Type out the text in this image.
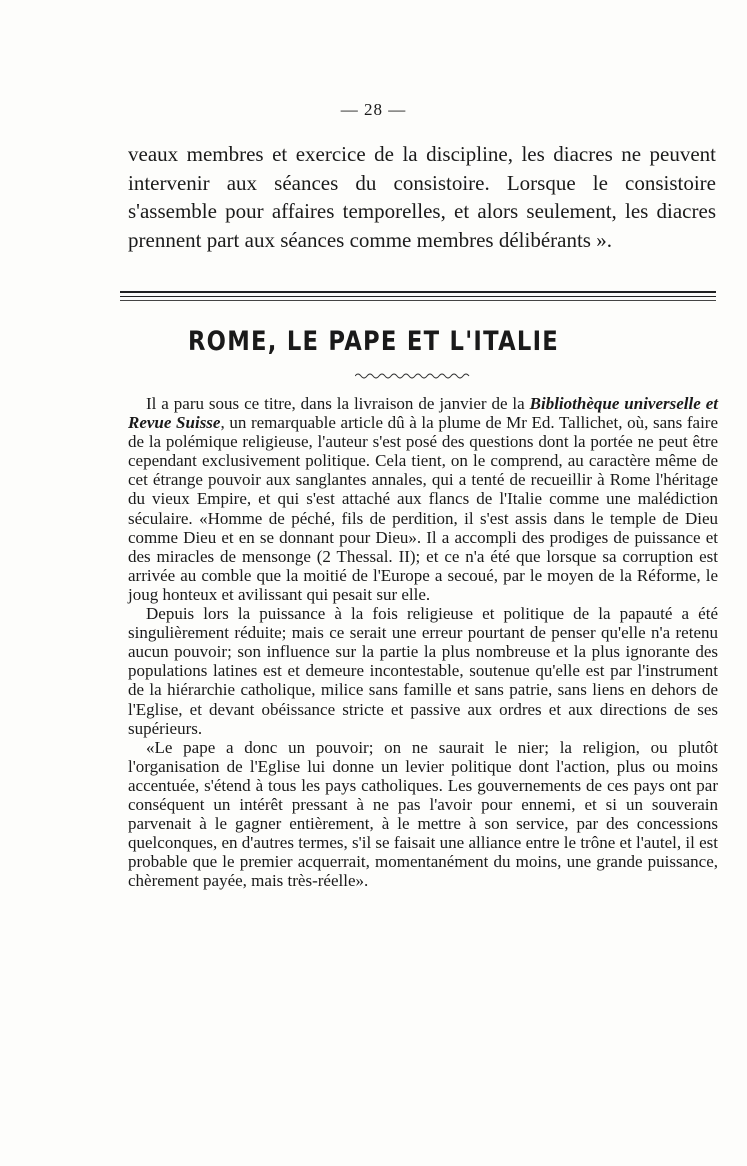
— 28 —

veaux membres et exercice de la discipline, les diacres ne peuvent intervenir aux séances du consistoire. Lorsque le consistoire s'assemble pour affaires temporelles, et alors seulement, les diacres prennent part aux séances comme membres délibérants ».

ROME, LE PAPE ET L'ITALIE

Il a paru sous ce titre, dans la livraison de janvier de la Bibliothèque universelle et Revue Suisse, un remarquable article dû à la plume de Mr Ed. Tallichet, où, sans faire de la polémique religieuse, l'auteur s'est posé des questions dont la portée ne peut être cependant exclusivement politique. Cela tient, on le comprend, au caractère même de cet étrange pouvoir aux sanglantes annales, qui a tenté de recueillir à Rome l'héritage du vieux Empire, et qui s'est attaché aux flancs de l'Italie comme une malédiction séculaire. «Homme de péché, fils de perdition, il s'est assis dans le temple de Dieu comme Dieu et en se donnant pour Dieu». Il a accompli des prodiges de puissance et des miracles de mensonge (2 Thessal. II); et ce n'a été que lorsque sa corruption est arrivée au comble que la moitié de l'Europe a secoué, par le moyen de la Réforme, le joug honteux et avilissant qui pesait sur elle.

Depuis lors la puissance à la fois religieuse et politique de la papauté a été singulièrement réduite; mais ce serait une erreur pourtant de penser qu'elle n'a retenu aucun pouvoir; son influence sur la partie la plus nombreuse et la plus ignorante des populations latines est et demeure incontestable, soutenue qu'elle est par l'instrument de la hiérarchie catholique, milice sans famille et sans patrie, sans liens en dehors de l'Eglise, et devant obéissance stricte et passive aux ordres et aux directions de ses supérieurs.

«Le pape a donc un pouvoir; on ne saurait le nier; la religion, ou plutôt l'organisation de l'Eglise lui donne un levier politique dont l'action, plus ou moins accentuée, s'étend à tous les pays catholiques. Les gouvernements de ces pays ont par conséquent un intérêt pressant à ne pas l'avoir pour ennemi, et si un souverain parvenait à le gagner entièrement, à le mettre à son service, par des concessions quelconques, en d'autres termes, s'il se faisait une alliance entre le trône et l'autel, il est probable que le premier acquerrait, momentanément du moins, une grande puissance, chèrement payée, mais très-réelle».
